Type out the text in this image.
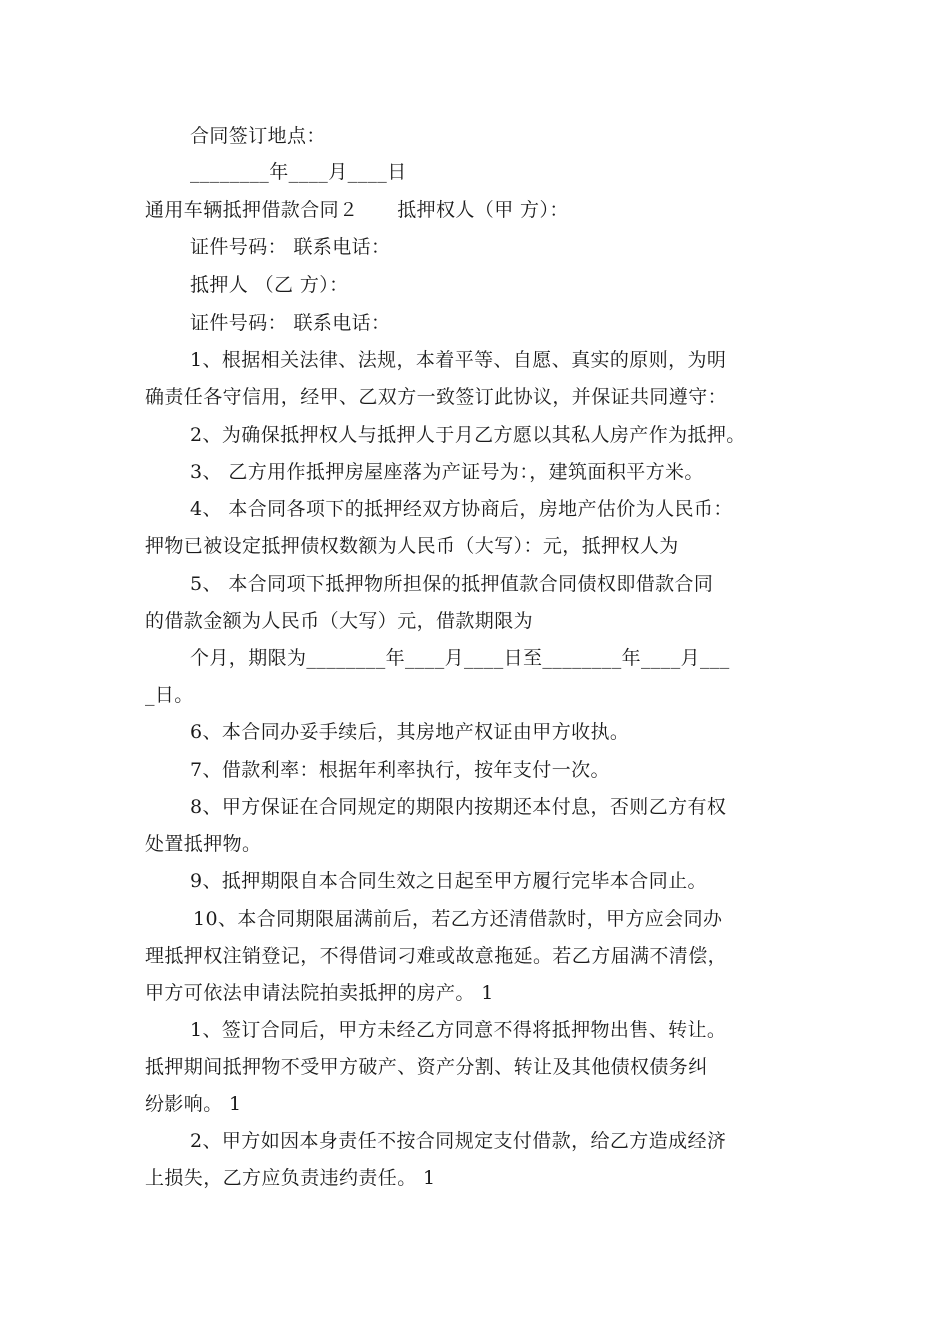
合同签订地点：
________年____月____日
通用车辆抵押借款合同２　　抵押权人（甲 方）：
证件号码： 联系电话：
抵押人 （乙 方）：
证件号码： 联系电话：
1、根据相关法律、法规，本着平等、自愿、真实的原则，为明
确责任各守信用，经甲、乙双方一致签订此协议，并保证共同遵守：
2、为确保抵押权人与抵押人于月乙方愿以其私人房产作为抵押。
3、 乙方用作抵押房屋座落为产证号为：，建筑面积平方米。
4、 本合同各项下的抵押经双方协商后，房地产估价为人民币：
押物已被设定抵押债权数额为人民币（大写）：元，抵押权人为
5、 本合同项下抵押物所担保的抵押值款合同债权即借款合同
的借款金额为人民币（大写）元，借款期限为
个月，期限为________年____月____日至________年____月___
_日。
6、本合同办妥手续后，其房地产权证由甲方收执。
7、借款利率：根据年利率执行，按年支付一次。
8、甲方保证在合同规定的期限内按期还本付息，否则乙方有权
处置抵押物。
9、抵押期限自本合同生效之日起至甲方履行完毕本合同止。
10、本合同期限届满前后，若乙方还清借款时，甲方应会同办
理抵押权注销登记，不得借词刁难或故意拖延。若乙方届满不清偿，
甲方可依法申请法院拍卖抵押的房产。 1
1、签订合同后，甲方未经乙方同意不得将抵押物出售、转让。
抵押期间抵押物不受甲方破产、资产分割、转让及其他债权债务纠
纷影响。 1
2、甲方如因本身责任不按合同规定支付借款，给乙方造成经济
上损失，乙方应负责违约责任。 1
